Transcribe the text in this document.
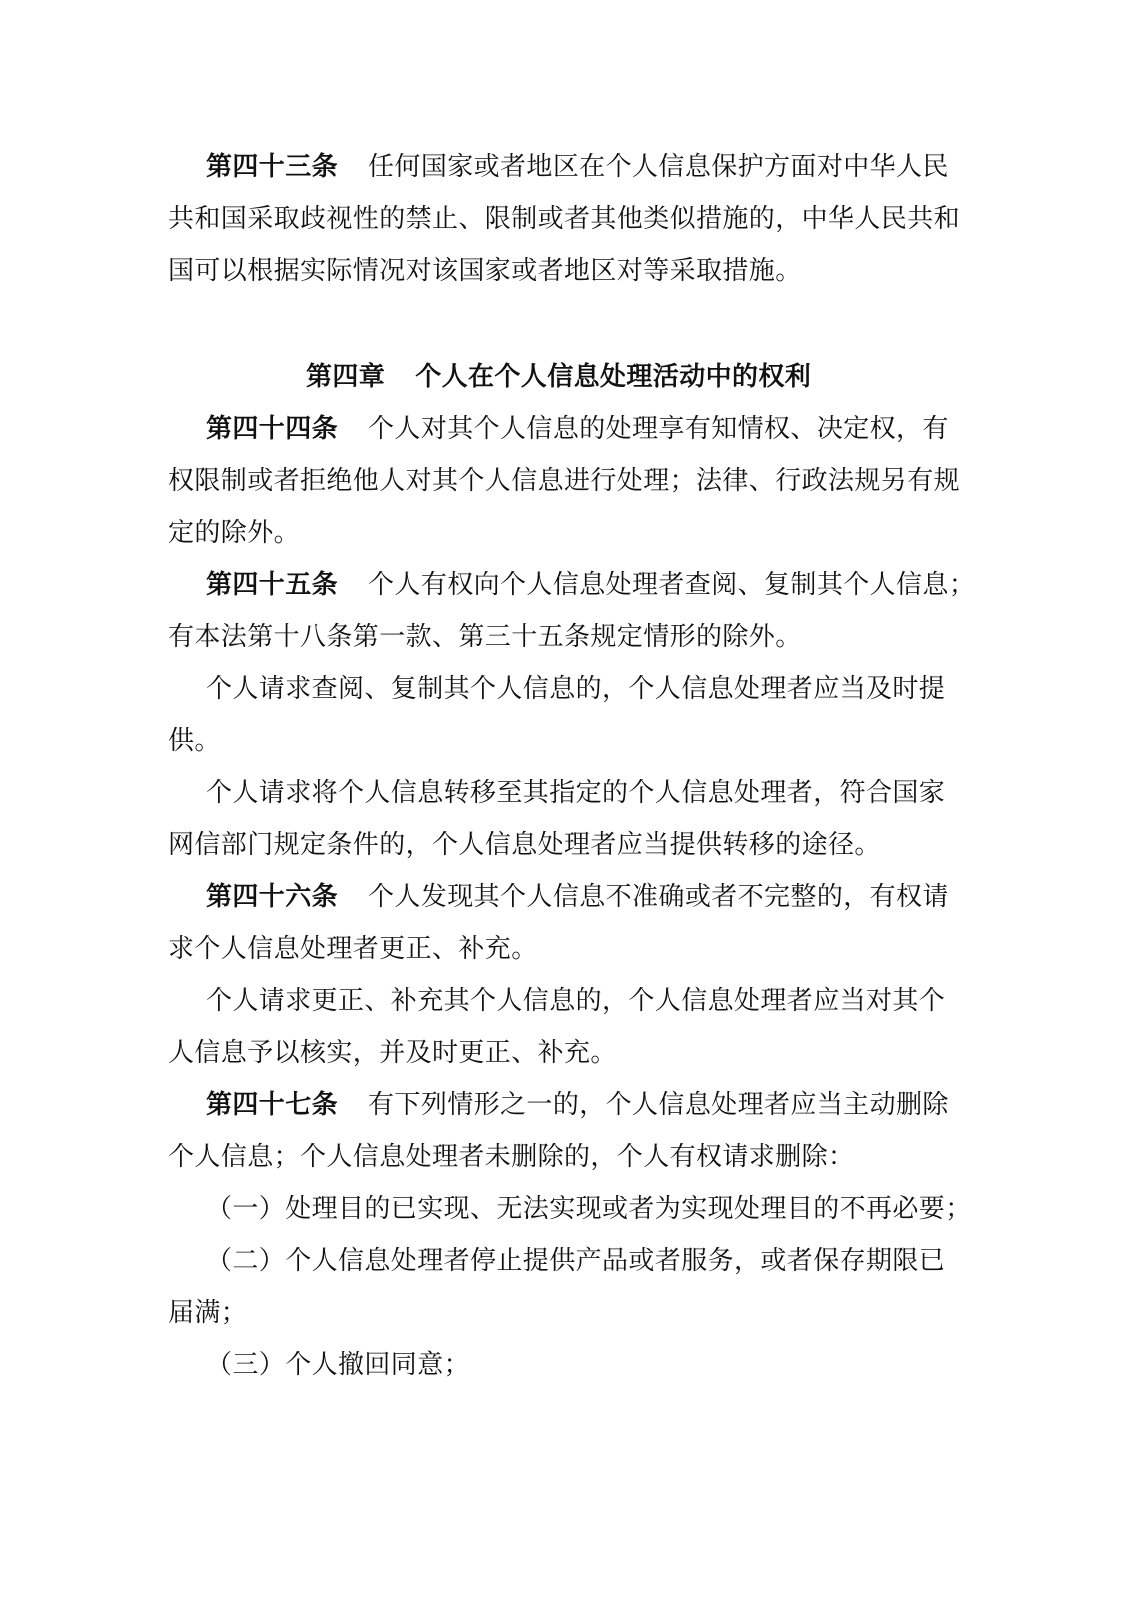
第四十三条 任何国家或者地区在个人信息保护方面对中华人民
共和国采取歧视性的禁止、限制或者其他类似措施的，中华人民共和
国可以根据实际情况对该国家或者地区对等采取措施。
第四章 个人在个人信息处理活动中的权利
第四十四条 个人对其个人信息的处理享有知情权、决定权，有
权限制或者拒绝他人对其个人信息进行处理；法律、行政法规另有规
定的除外。
第四十五条 个人有权向个人信息处理者查阅、复制其个人信息；
有本法第十八条第一款、第三十五条规定情形的除外。
个人请求查阅、复制其个人信息的，个人信息处理者应当及时提
供。
个人请求将个人信息转移至其指定的个人信息处理者，符合国家
网信部门规定条件的，个人信息处理者应当提供转移的途径。
第四十六条 个人发现其个人信息不准确或者不完整的，有权请
求个人信息处理者更正、补充。
个人请求更正、补充其个人信息的，个人信息处理者应当对其个
人信息予以核实，并及时更正、补充。
第四十七条 有下列情形之一的，个人信息处理者应当主动删除
个人信息；个人信息处理者未删除的，个人有权请求删除：
（一）处理目的已实现、无法实现或者为实现处理目的不再必要；
（二）个人信息处理者停止提供产品或者服务，或者保存期限已
届满；
（三）个人撤回同意；
